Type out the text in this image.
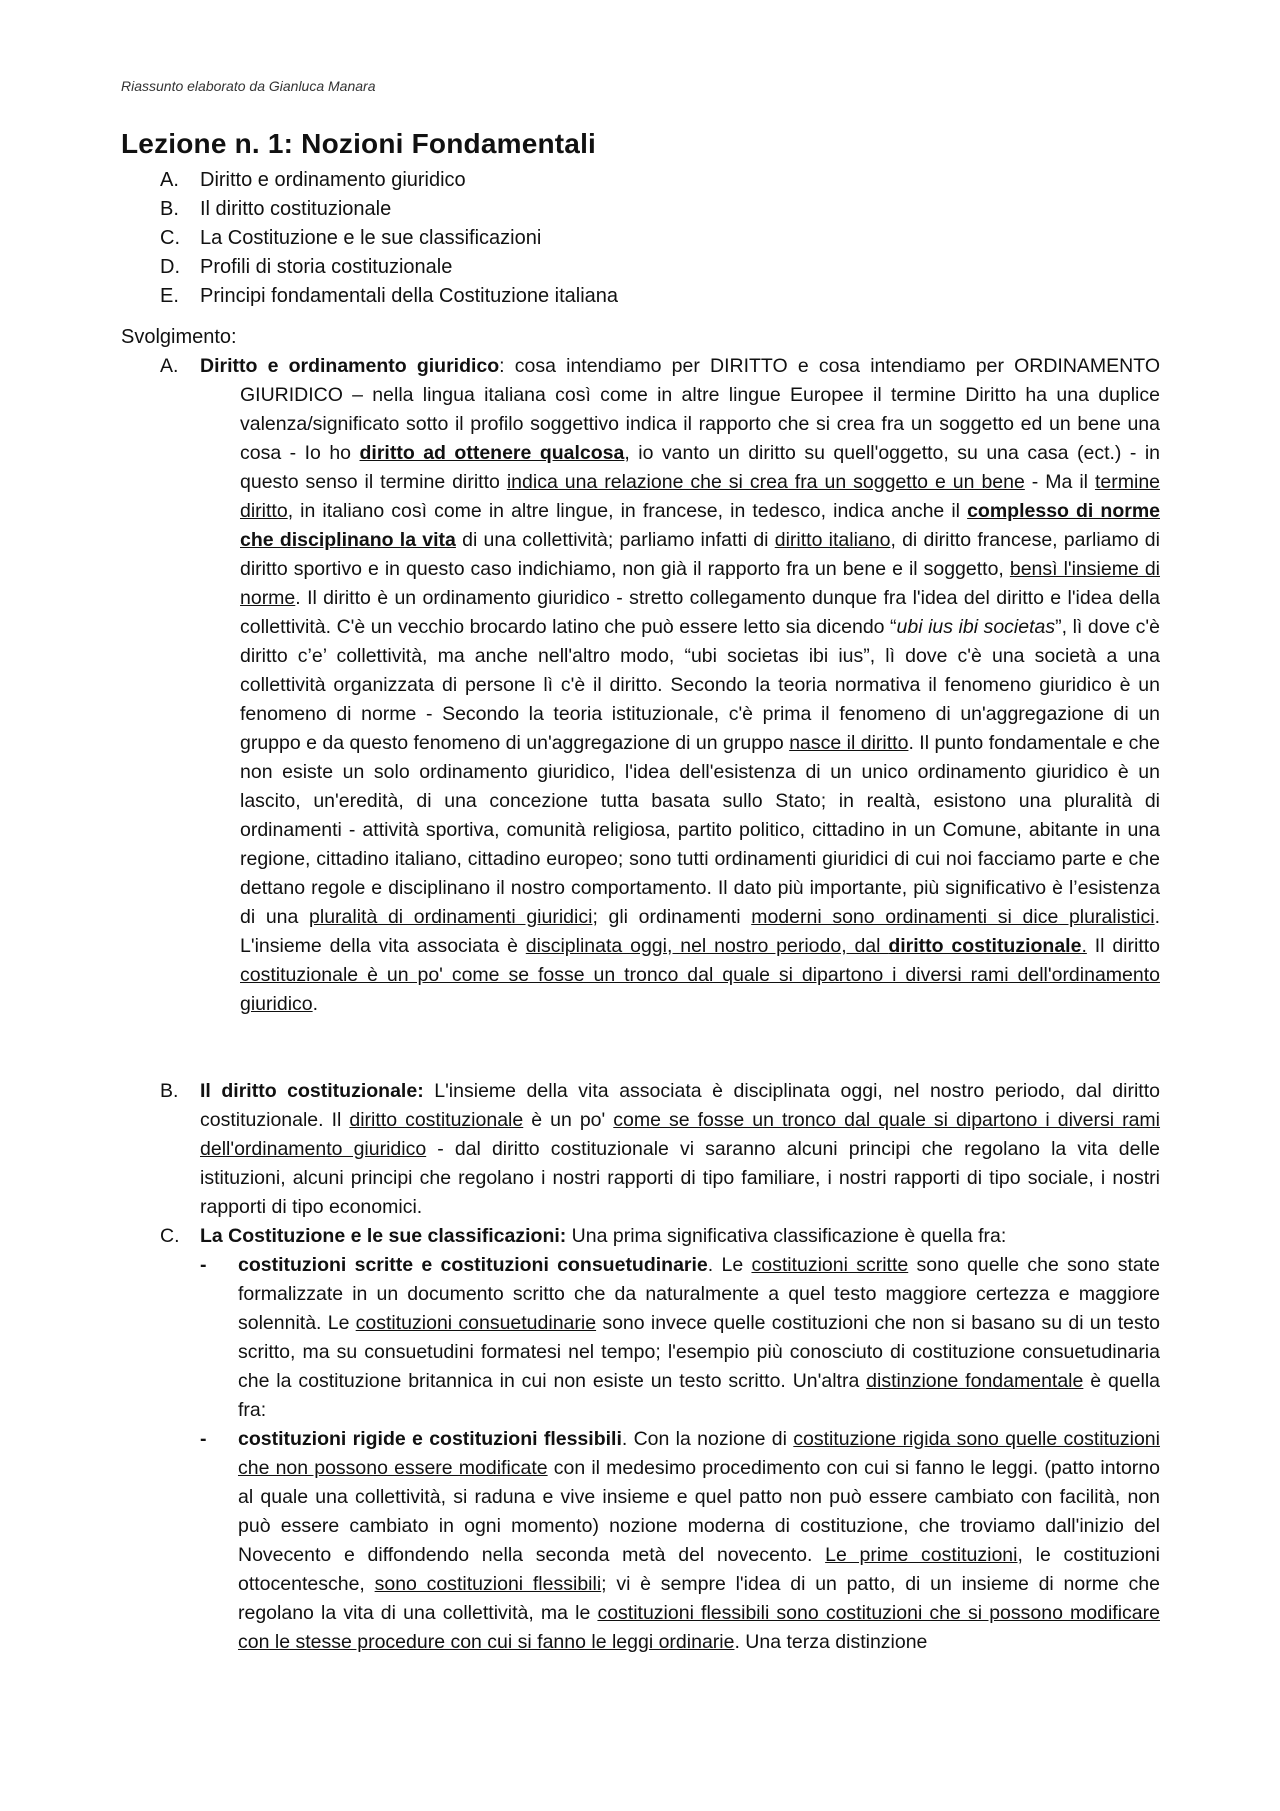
Riassunto elaborato da Gianluca Manara
Lezione n. 1: Nozioni Fondamentali
A.	Diritto e ordinamento giuridico
B.	Il diritto costituzionale
C.	La Costituzione e le sue classificazioni
D.	Profili di storia costituzionale
E.	Principi fondamentali della Costituzione italiana
Svolgimento:
A. Diritto e ordinamento giuridico: cosa intendiamo per DIRITTO e cosa intendiamo per ORDINAMENTO GIURIDICO – nella lingua italiana così come in altre lingue Europee il termine Diritto ha una duplice valenza/significato sotto il profilo soggettivo indica il rapporto che si crea fra un soggetto ed un bene una cosa - Io ho diritto ad ottenere qualcosa, io vanto un diritto su quell'oggetto, su una casa (ect.) - in questo senso il termine diritto indica una relazione che si crea fra un soggetto e un bene - Ma il termine diritto, in italiano così come in altre lingue, in francese, in tedesco, indica anche il complesso di norme che disciplinano la vita di una collettività; parliamo infatti di diritto italiano, di diritto francese, parliamo di diritto sportivo e in questo caso indichiamo, non già il rapporto fra un bene e il soggetto, bensì l'insieme di norme. Il diritto è un ordinamento giuridico - stretto collegamento dunque fra l'idea del diritto e l'idea della collettività. C'è un vecchio brocardo latino che può essere letto sia dicendo “ubi ius ibi societas”, lì dove c'è diritto c’e’ collettività, ma anche nell'altro modo, “ubi societas ibi ius”, lì dove c'è una società a una collettività organizzata di persone lì c'è il diritto. Secondo la teoria normativa il fenomeno giuridico è un fenomeno di norme - Secondo la teoria istituzionale, c'è prima il fenomeno di un'aggregazione di un gruppo e da questo fenomeno di un'aggregazione di un gruppo nasce il diritto. Il punto fondamentale e che non esiste un solo ordinamento giuridico, l'idea dell'esistenza di un unico ordinamento giuridico è un lascito, un'eredità, di una concezione tutta basata sullo Stato; in realtà, esistono una pluralità di ordinamenti - attività sportiva, comunità religiosa, partito politico, cittadino in un Comune, abitante in una regione, cittadino italiano, cittadino europeo; sono tutti ordinamenti giuridici di cui noi facciamo parte e che dettano regole e disciplinano il nostro comportamento. Il dato più importante, più significativo è l’esistenza di una pluralità di ordinamenti giuridici; gli ordinamenti moderni sono ordinamenti si dice pluralistici. L'insieme della vita associata è disciplinata oggi, nel nostro periodo, dal diritto costituzionale. Il diritto costituzionale è un po' come se fosse un tronco dal quale si dipartono i diversi rami dell'ordinamento giuridico.

B. Il diritto costituzionale: L'insieme della vita associata è disciplinata oggi, nel nostro periodo, dal diritto costituzionale. Il diritto costituzionale è un po' come se fosse un tronco dal quale si dipartono i diversi rami dell'ordinamento giuridico - dal diritto costituzionale vi saranno alcuni principi che regolano la vita delle istituzioni, alcuni principi che regolano i nostri rapporti di tipo familiare, i nostri rapporti di tipo sociale, i nostri rapporti di tipo economici.

C. La Costituzione e le sue classificazioni: Una prima significativa classificazione è quella fra:

- costituzioni scritte e costituzioni consuetudinarie. Le costituzioni scritte sono quelle che sono state formalizzate in un documento scritto che da naturalmente a quel testo maggiore certezza e maggiore solennità. Le costituzioni consuetudinarie sono invece quelle costituzioni che non si basano su di un testo scritto, ma su consuetudini formatesi nel tempo; l'esempio più conosciuto di costituzione consuetudinaria che la costituzione britannica in cui non esiste un testo scritto. Un'altra distinzione fondamentale è quella fra:

- costituzioni rigide e costituzioni flessibili. Con la nozione di costituzione rigida sono quelle costituzioni che non possono essere modificate con il medesimo procedimento con cui si fanno le leggi. (patto intorno al quale una collettività, si raduna e vive insieme e quel patto non può essere cambiato con facilità, non può essere cambiato in ogni momento) nozione moderna di costituzione, che troviamo dall'inizio del Novecento e diffondendo nella seconda metà del novecento. Le prime costituzioni, le costituzioni ottocentesche, sono costituzioni flessibili; vi è sempre l'idea di un patto, di un insieme di norme che regolano la vita di una collettività, ma le costituzioni flessibili sono costituzioni che si possono modificare con le stesse procedure con cui si fanno le leggi ordinarie. Una terza distinzione
